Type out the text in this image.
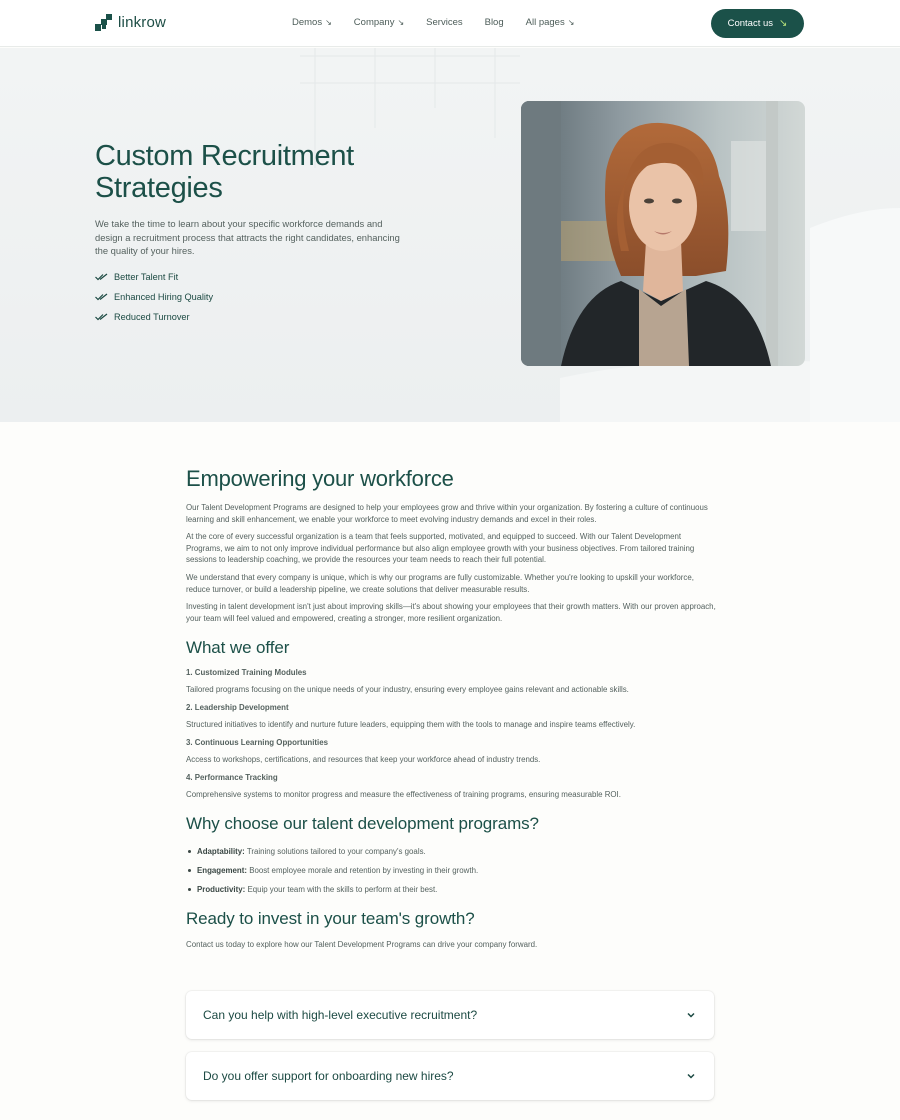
linkrow	Demos ↘ Company ↘ Services Blog All pages ↘	Contact us ↘
Custom Recruitment Strategies

We take the time to learn about your specific workforce demands and design a recruitment process that attracts the right candidates, enhancing the quality of your hires.

Better Talent Fit
Enhanced Hiring Quality
Reduced Turnover
Empowering your workforce

Our Talent Development Programs are designed to help your employees grow and thrive within your organization. By fostering a culture of continuous learning and skill enhancement, we enable your workforce to meet evolving industry demands and excel in their roles.

At the core of every successful organization is a team that feels supported, motivated, and equipped to succeed. With our Talent Development Programs, we aim to not only improve individual performance but also align employee growth with your business objectives. From tailored training sessions to leadership coaching, we provide the resources your team needs to reach their full potential.

We understand that every company is unique, which is why our programs are fully customizable. Whether you're looking to upskill your workforce, reduce turnover, or build a leadership pipeline, we create solutions that deliver measurable results.

Investing in talent development isn't just about improving skills—it's about showing your employees that their growth matters. With our proven approach, your team will feel valued and empowered, creating a stronger, more resilient organization.

What we offer
1. Customized Training Modules
Tailored programs focusing on the unique needs of your industry, ensuring every employee gains relevant and actionable skills.
2. Leadership Development
Structured initiatives to identify and nurture future leaders, equipping them with the tools to manage and inspire teams effectively.
3. Continuous Learning Opportunities
Access to workshops, certifications, and resources that keep your workforce ahead of industry trends.
4. Performance Tracking
Comprehensive systems to monitor progress and measure the effectiveness of training programs, ensuring measurable ROI.
Why choose our talent development programs?
Adaptability: Training solutions tailored to your company's goals.
Engagement: Boost employee morale and retention by investing in their growth.
Productivity: Equip your team with the skills to perform at their best.
Ready to invest in your team's growth?
Contact us today to explore how our Talent Development Programs can drive your company forward.
Can you help with high-level executive recruitment?
Do you offer support for onboarding new hires?
